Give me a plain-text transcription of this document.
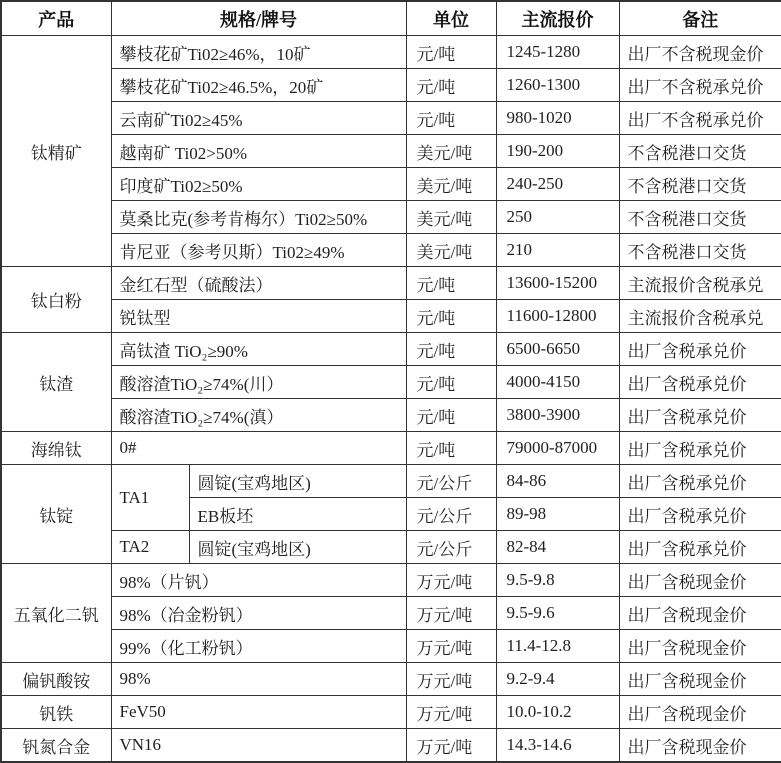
产品	规格/牌号		单位	主流报价	备注
钛精矿	攀枝花矿Ti02≥46%，10矿		元/吨	1245-1280	出厂不含税现金价
	攀枝花矿Ti02≥46.5%，20矿		元/吨	1260-1300	出厂不含税承兑价
	云南矿Ti02≥45%		元/吨	980-1020	出厂不含税承兑价
	越南矿 Ti02>50%		美元/吨	190-200	不含税港口交货
	印度矿Ti02≥50%		美元/吨	240-250	不含税港口交货
	莫桑比克(参考肯梅尔）Ti02≥50%		美元/吨	250	不含税港口交货
	肯尼亚（参考贝斯）Ti02≥49%		美元/吨	210	不含税港口交货
钛白粉	金红石型（硫酸法）		元/吨	13600-15200	主流报价含税承兑
	锐钛型		元/吨	11600-12800	主流报价含税承兑
钛渣	高钛渣 TiO₂≥90%		元/吨	6500-6650	出厂含税承兑价
	酸溶渣TiO₂≥74%(川）		元/吨	4000-4150	出厂含税承兑价
	酸溶渣TiO₂≥74%(滇）		元/吨	3800-3900	出厂含税承兑价
海绵钛	0#		元/吨	79000-87000	出厂含税承兑价
钛锭	TA1	圆锭(宝鸡地区)	元/公斤	84-86	出厂含税承兑价
		EB板坯	元/公斤	89-98	出厂含税承兑价
	TA2	圆锭(宝鸡地区)	元/公斤	82-84	出厂含税承兑价
五氧化二钒	98%（片钒）		万元/吨	9.5-9.8	出厂含税现金价
	98%（冶金粉钒）		万元/吨	9.5-9.6	出厂含税现金价
	99%（化工粉钒）		万元/吨	11.4-12.8	出厂含税现金价
偏钒酸铵	98%		万元/吨	9.2-9.4	出厂含税现金价
钒铁	FeV50		万元/吨	10.0-10.2	出厂含税现金价
钒氮合金	VN16		万元/吨	14.3-14.6	出厂含税现金价
